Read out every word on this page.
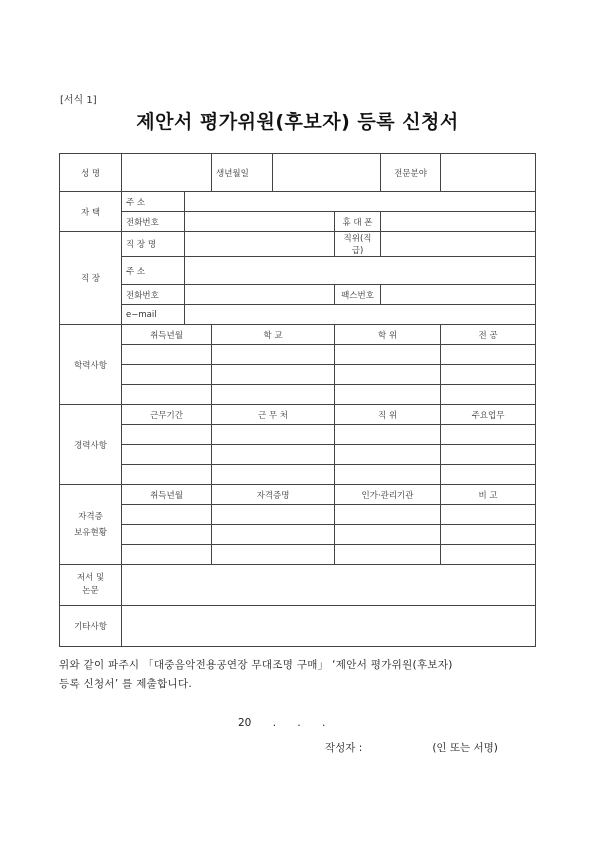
[서식 1]
제안서 평가위원(후보자) 등록 신청서
성 명			생년월일			전문분야	
자 택	주 소						
	전화번호				휴 대 폰		
직 장	직 장 명				직위(직급)		
	주 소						
	전화번호				팩스번호		
	e−mail						
학력사항	취득년월		학 교		학 위		전 공

경력사항	근무기간		근 무 처		직 위		주요업무

자격증
보유현황	취득년월		자격증명		인가·관리기관		비 고

저서 및
논문							
기타사항							
위와 같이 파주시 「대중음악전용공연장 무대조명 구매」 ‘제안서 평가위원(후보자)
등록 신청서’ 를 제출합니다.
20 . . .
작성자 :	(인 또는 서명)
